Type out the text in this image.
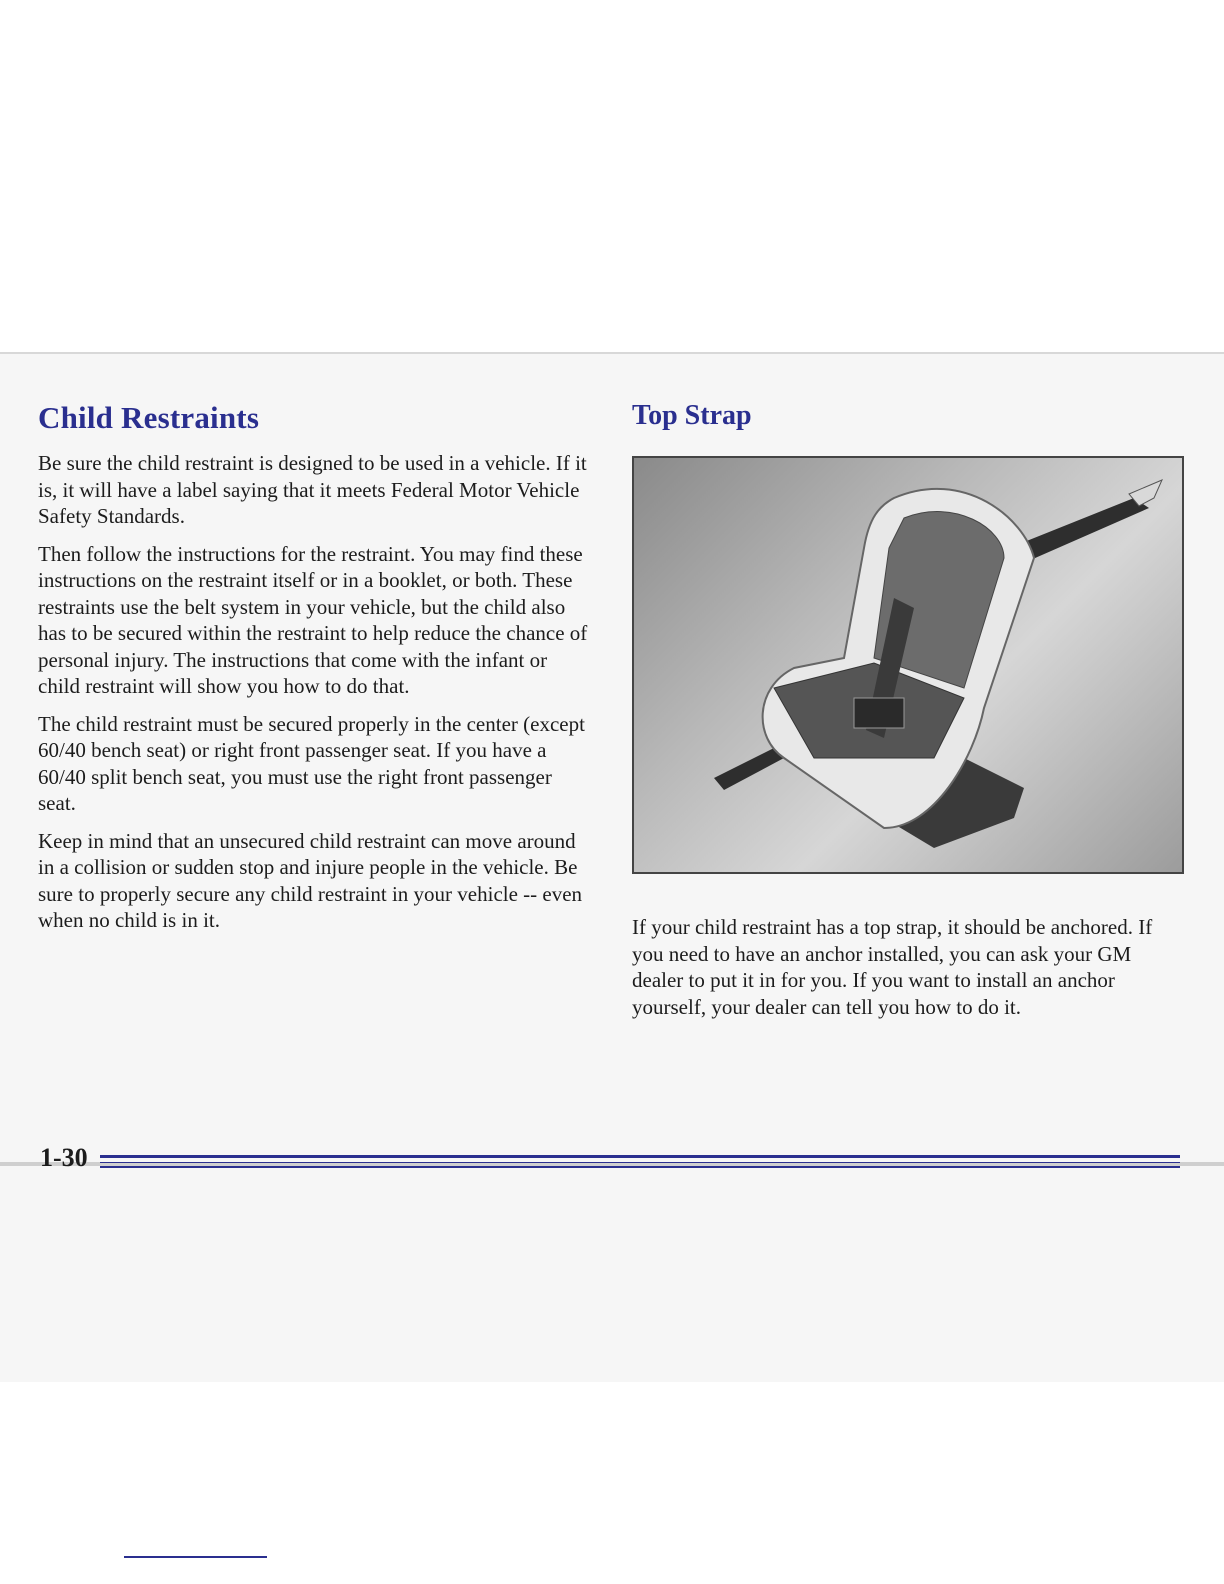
Child Restraints

Be sure the child restraint is designed to be used in a vehicle. If it is, it will have a label saying that it meets Federal Motor Vehicle Safety Standards.

Then follow the instructions for the restraint. You may find these instructions on the restraint itself or in a booklet, or both. These restraints use the belt system in your vehicle, but the child also has to be secured within the restraint to help reduce the chance of personal injury. The instructions that come with the infant or child restraint will show you how to do that.

The child restraint must be secured properly in the center (except 60/40 bench seat) or right front passenger seat. If you have a 60/40 split bench seat, you must use the right front passenger seat.

Keep in mind that an unsecured child restraint can move around in a collision or sudden stop and injure people in the vehicle. Be sure to properly secure any child restraint in your vehicle -- even when no child is in it.

Top Strap

If your child restraint has a top strap, it should be anchored. If you need to have an anchor installed, you can ask your GM dealer to put it in for you. If you want to install an anchor yourself, your dealer can tell you how to do it.

1-30
